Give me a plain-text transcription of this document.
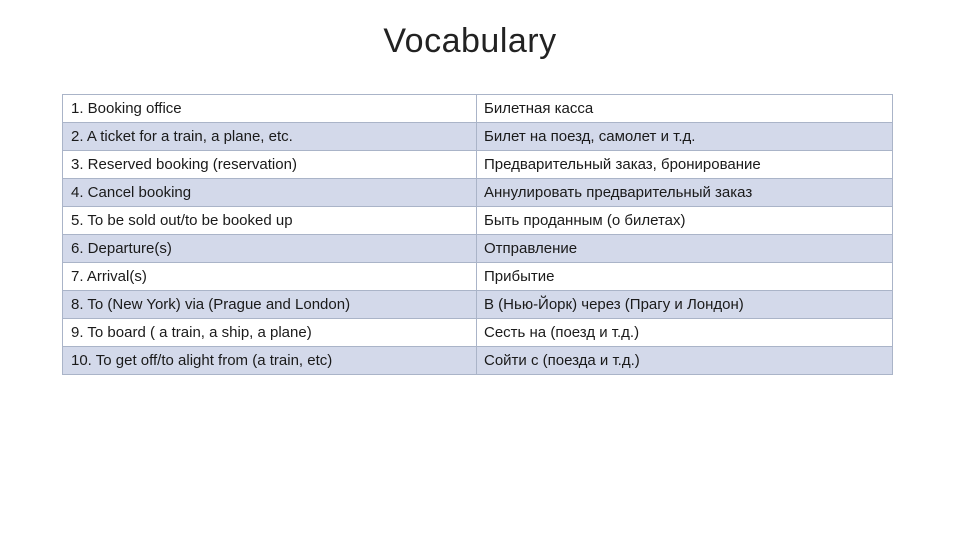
Vocabulary
1. Booking office	Билетная касса
2. A ticket for a train, a plane, etc.	Билет на поезд, самолет и т.д.
3. Reserved booking (reservation)	Предварительный заказ, бронирование
4. Cancel booking	Аннулировать предварительный заказ
5. To be sold out/to be booked up	Быть проданным (о билетах)
6. Departure(s)	Отправление
7. Arrival(s)	Прибытие
8. To (New York) via (Prague and London)	В (Нью-Йорк) через (Прагу и Лондон)
9. To board ( a train, a ship, a plane)	Сесть на (поезд и т.д.)
10. To get off/to alight from (a train, etc)	Сойти с (поезда и т.д.)
